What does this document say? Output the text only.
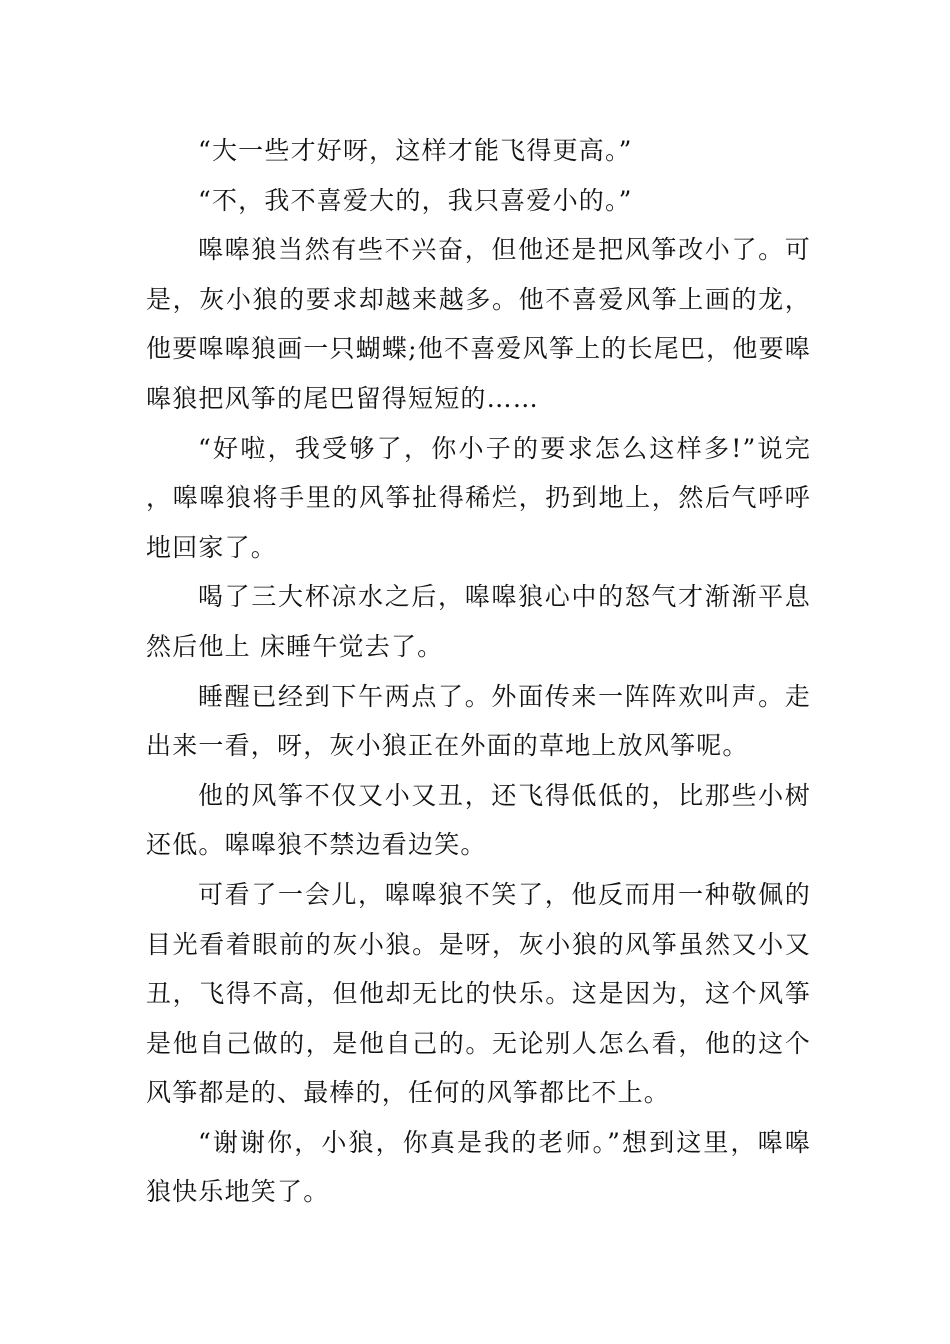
“大一些才好呀，这样才能飞得更高。”

“不，我不喜爱大的，我只喜爱小的。”

嗥嗥狼当然有些不兴奋，但他还是把风筝改小了。可是，灰小狼的要求却越来越多。他不喜爱风筝上画的龙，他要嗥嗥狼画一只蝴蝶;他不喜爱风筝上的长尾巴，他要嗥嗥狼把风筝的尾巴留得短短的……

“好啦，我受够了，你小子的要求怎么这样多!”说完，嗥嗥狼将手里的风筝扯得稀烂，扔到地上，然后气呼呼地回家了。

喝了三大杯凉水之后，嗥嗥狼心中的怒气才渐渐平息然后他上 床睡午觉去了。

睡醒已经到下午两点了。外面传来一阵阵欢叫声。走出来一看，呀，灰小狼正在外面的草地上放风筝呢。

他的风筝不仅又小又丑，还飞得低低的，比那些小树还低。嗥嗥狼不禁边看边笑。

可看了一会儿，嗥嗥狼不笑了，他反而用一种敬佩的目光看着眼前的灰小狼。是呀，灰小狼的风筝虽然又小又丑，飞得不高，但他却无比的快乐。这是因为，这个风筝是他自己做的，是他自己的。无论别人怎么看，他的这个风筝都是的、最棒的，任何的风筝都比不上。

“谢谢你，小狼，你真是我的老师。”想到这里，嗥嗥狼快乐地笑了。
